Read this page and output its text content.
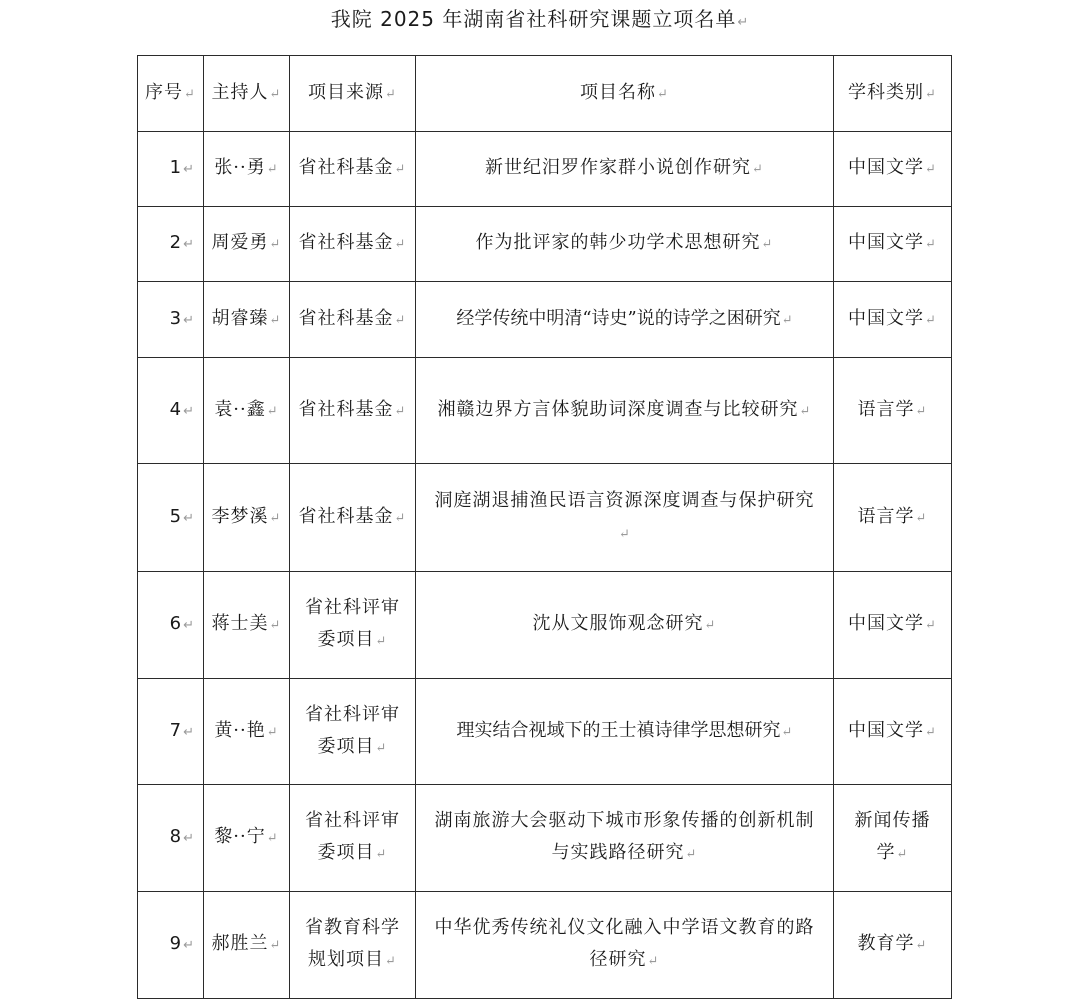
我院 2025 年湖南省社科研究课题立项名单↵
序号↵	主持人↵	项目来源↵	项目名称↵	学科类别↵
1↵	张··勇↵	省社科基金↵	新世纪汨罗作家群小说创作研究↵	中国文学↵
2↵	周爱勇↵	省社科基金↵	作为批评家的韩少功学术思想研究↵	中国文学↵
3↵	胡睿臻↵	省社科基金↵	经学传统中明清“诗史”说的诗学之困研究↵	中国文学↵
4↵	袁··鑫↵	省社科基金↵	湘赣边界方言体貌助词深度调查与比较研究↵	语言学↵
5↵	李梦溪↵	省社科基金↵	洞庭湖退捕渔民语言资源深度调查与保护研究↵	语言学↵
6↵	蒋士美↵	省社科评审委项目↵	沈从文服饰观念研究↵	中国文学↵
7↵	黄··艳↵	省社科评审委项目↵	理实结合视域下的王士禛诗律学思想研究↵	中国文学↵
8↵	黎··宁↵	省社科评审委项目↵	湖南旅游大会驱动下城市形象传播的创新机制与实践路径研究↵	新闻传播学↵
9↵	郝胜兰↵	省教育科学规划项目↵	中华优秀传统礼仪文化融入中学语文教育的路径研究↵	教育学↵
